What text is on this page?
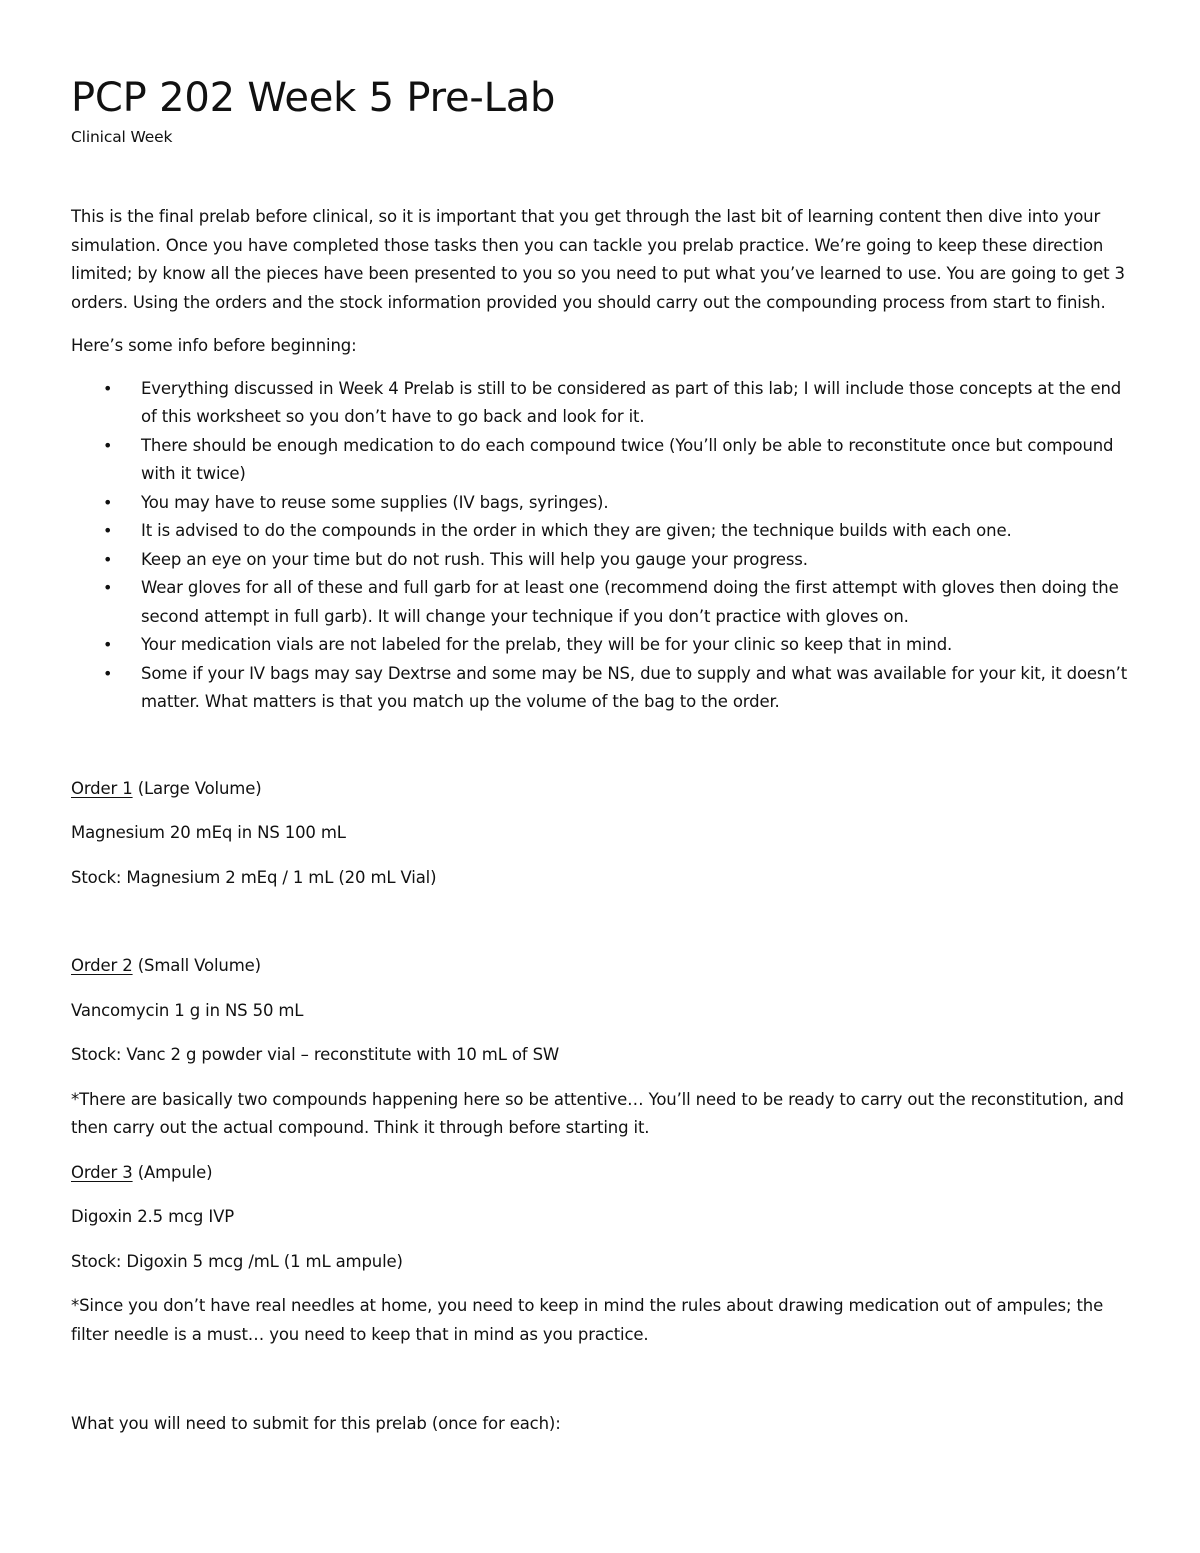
PCP 202 Week 5 Pre-Lab

Clinical Week

This is the final prelab before clinical, so it is important that you get through the last bit of learning content then dive into your simulation. Once you have completed those tasks then you can tackle you prelab practice. We’re going to keep these direction limited; by know all the pieces have been presented to you so you need to put what you’ve learned to use. You are going to get 3 orders. Using the orders and the stock information provided you should carry out the compounding process from start to finish.

Here’s some info before beginning:

• Everything discussed in Week 4 Prelab is still to be considered as part of this lab; I will include those concepts at the end of this worksheet so you don’t have to go back and look for it.
• There should be enough medication to do each compound twice (You’ll only be able to reconstitute once but compound with it twice)
• You may have to reuse some supplies (IV bags, syringes).
• It is advised to do the compounds in the order in which they are given; the technique builds with each one.
• Keep an eye on your time but do not rush. This will help you gauge your progress.
• Wear gloves for all of these and full garb for at least one (recommend doing the first attempt with gloves then doing the second attempt in full garb). It will change your technique if you don’t practice with gloves on.
• Your medication vials are not labeled for the prelab, they will be for your clinic so keep that in mind.
• Some if your IV bags may say Dextrse and some may be NS, due to supply and what was available for your kit, it doesn’t matter. What matters is that you match up the volume of the bag to the order.

Order 1 (Large Volume)

Magnesium 20 mEq in NS 100 mL

Stock: Magnesium 2 mEq / 1 mL (20 mL Vial)

Order 2 (Small Volume)

Vancomycin 1 g in NS 50 mL

Stock: Vanc 2 g powder vial – reconstitute with 10 mL of SW

*There are basically two compounds happening here so be attentive… You’ll need to be ready to carry out the reconstitution, and then carry out the actual compound. Think it through before starting it.

Order 3 (Ampule)

Digoxin 2.5 mcg IVP

Stock: Digoxin 5 mcg /mL (1 mL ampule)

*Since you don’t have real needles at home, you need to keep in mind the rules about drawing medication out of ampules; the filter needle is a must… you need to keep that in mind as you practice.

What you will need to submit for this prelab (once for each):
